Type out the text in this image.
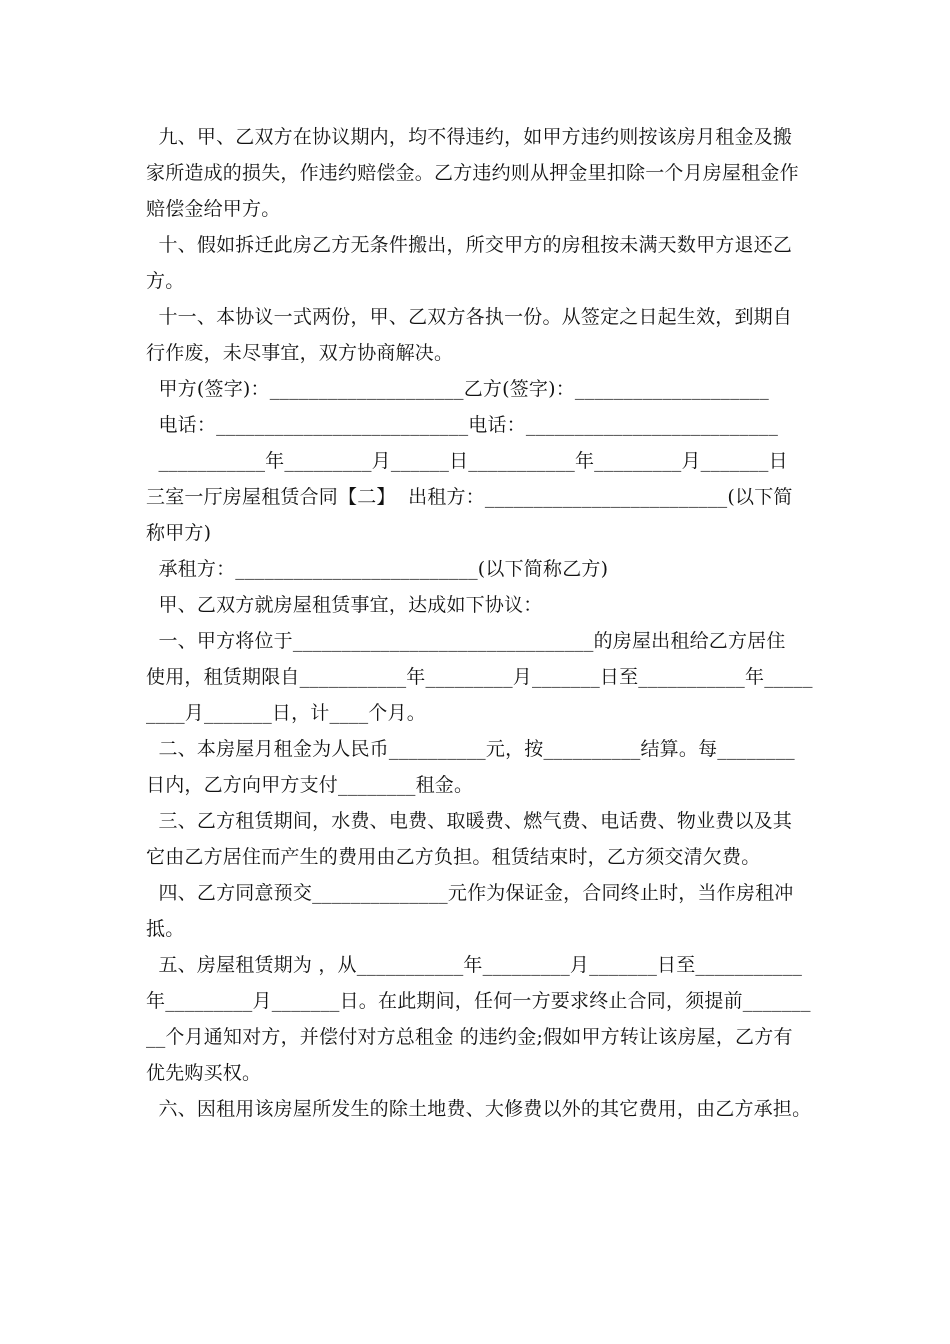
九、甲、乙双方在协议期内，均不得违约，如甲方违约则按该房月租金及搬
家所造成的损失，作违约赔偿金。乙方违约则从押金里扣除一个月房屋租金作
赔偿金给甲方。
十、假如拆迁此房乙方无条件搬出，所交甲方的房租按未满天数甲方退还乙
方。
十一、本协议一式两份，甲、乙双方各执一份。从签定之日起生效，到期自
行作废，未尽事宜，双方协商解决。
甲方(签字)：____________________乙方(签字)：____________________
电话：__________________________电话：__________________________
___________年_________月______日___________年_________月_______日
三室一厅房屋租赁合同【二】  出租方：_________________________(以下简
称甲方)
承租方：_________________________(以下简称乙方)
甲、乙双方就房屋租赁事宜，达成如下协议：
一、甲方将位于_______________________________的房屋出租给乙方居住
使用，租赁期限自___________年_________月_______日至___________年_____
____月_______日，计____个月。
二、本房屋月租金为人民币__________元，按__________结算。每________
日内，乙方向甲方支付________租金。
三、乙方租赁期间，水费、电费、取暖费、燃气费、电话费、物业费以及其
它由乙方居住而产生的费用由乙方负担。租赁结束时，乙方须交清欠费。
四、乙方同意预交______________元作为保证金，合同终止时，当作房租冲
抵。
五、房屋租赁期为 ，从___________年_________月_______日至___________
年_________月_______日。在此期间，任何一方要求终止合同，须提前_______
__个月通知对方，并偿付对方总租金 的违约金;假如甲方转让该房屋，乙方有
优先购买权。
六、因租用该房屋所发生的除土地费、大修费以外的其它费用，由乙方承担。
